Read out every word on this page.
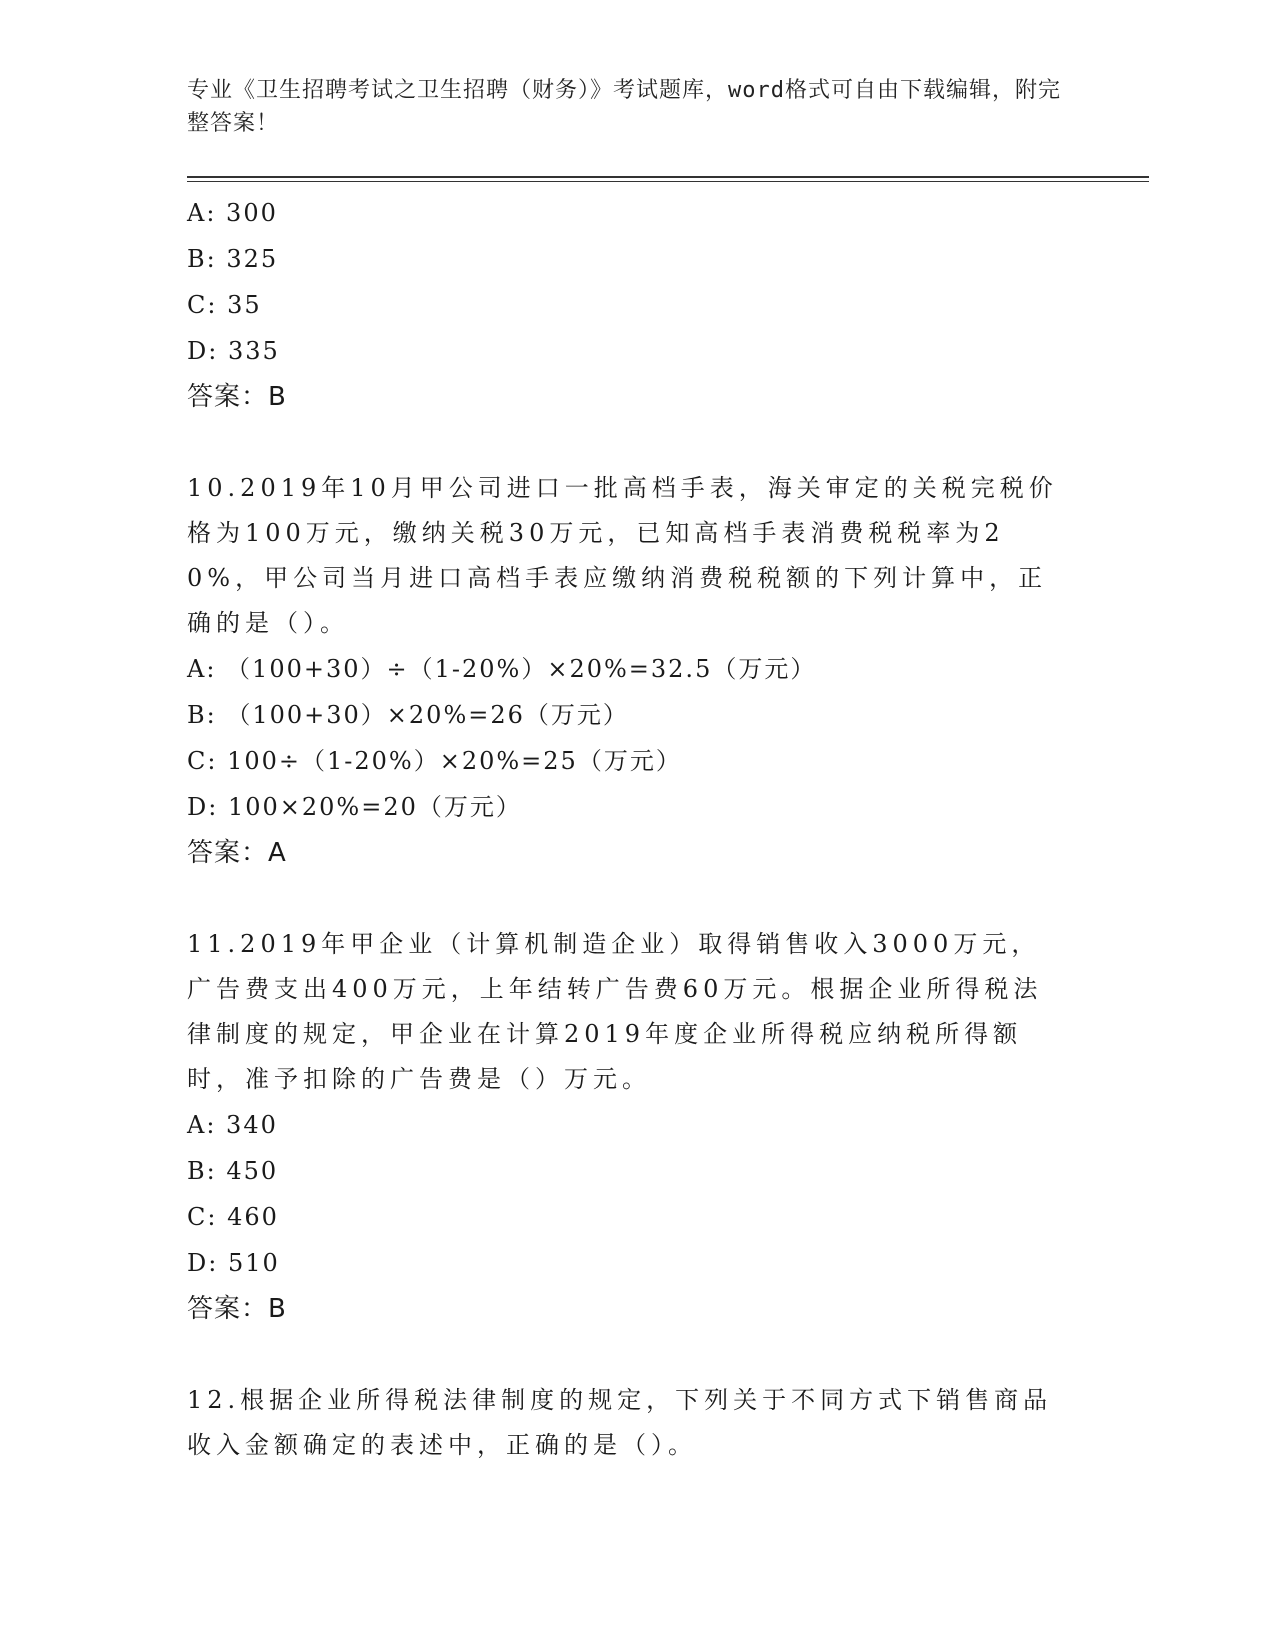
专业《卫生招聘考试之卫生招聘（财务）》考试题库，word格式可自由下载编辑，附完整答案！
A: 300
B: 325
C: 35
D: 335
答案：B
10.2019年10月甲公司进口一批高档手表，海关审定的关税完税价格为100万元，缴纳关税30万元，已知高档手表消费税税率为20%，甲公司当月进口高档手表应缴纳消费税税额的下列计算中，正确的是（）。
A: （100+30）÷（1-20%）×20%=32.5（万元）
B: （100+30）×20%=26（万元）
C: 100÷（1-20%）×20%=25（万元）
D: 100×20%=20（万元）
答案：A
11.2019年甲企业（计算机制造企业）取得销售收入3000万元，广告费支出400万元，上年结转广告费60万元。根据企业所得税法律制度的规定，甲企业在计算2019年度企业所得税应纳税所得额时，准予扣除的广告费是（）万元。
A: 340
B: 450
C: 460
D: 510
答案：B
12.根据企业所得税法律制度的规定，下列关于不同方式下销售商品收入金额确定的表述中，正确的是（）。
